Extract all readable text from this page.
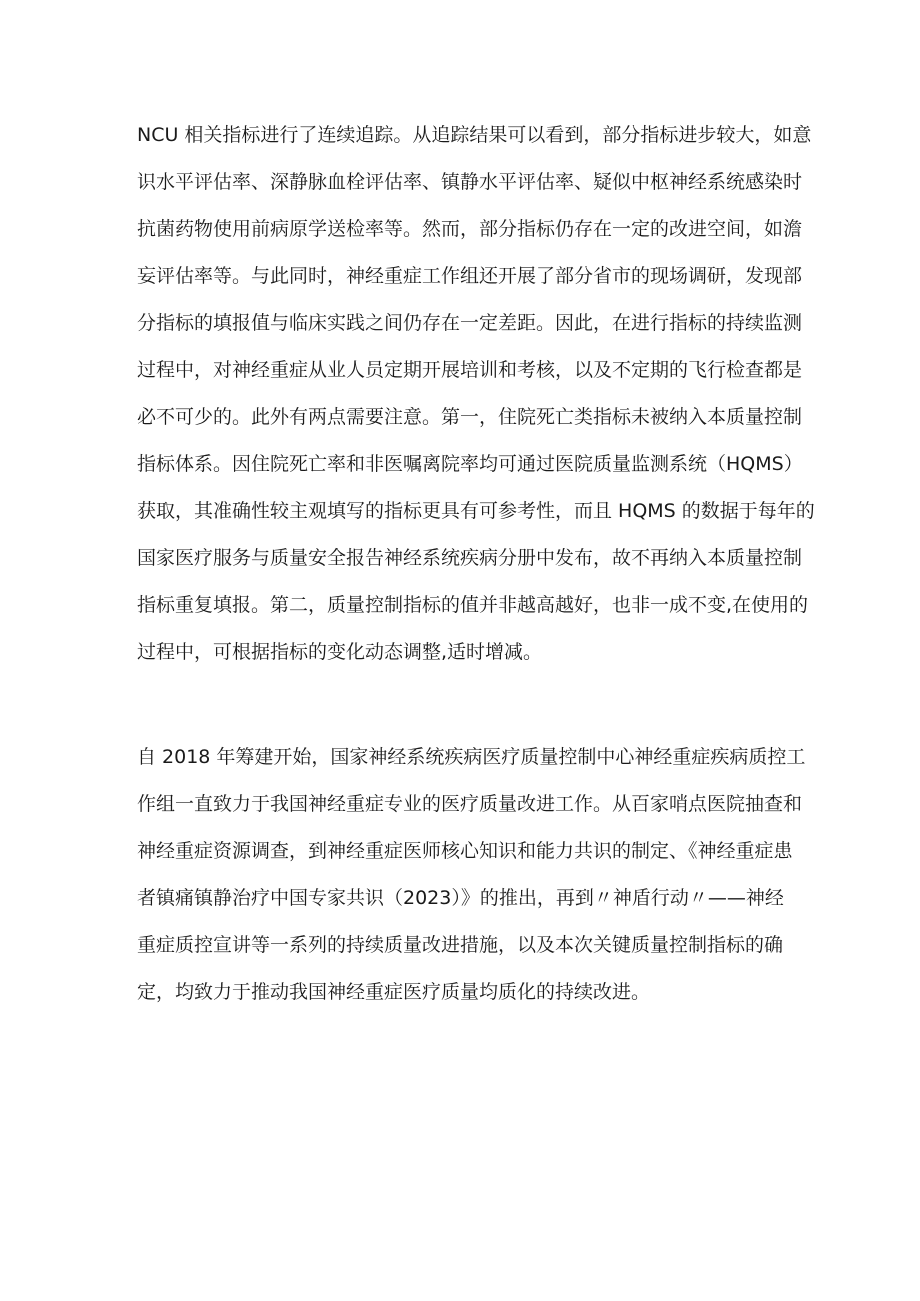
NCU 相关指标进行了连续追踪。从追踪结果可以看到，部分指标进步较大，如意
识水平评估率、深静脉血栓评估率、镇静水平评估率、疑似中枢神经系统感染时
抗菌药物使用前病原学送检率等。然而，部分指标仍存在一定的改进空间，如澹
妄评估率等。与此同时，神经重症工作组还开展了部分省市的现场调研，发现部
分指标的填报值与临床实践之间仍存在一定差距。因此，在进行指标的持续监测
过程中，对神经重症从业人员定期开展培训和考核，以及不定期的飞行检查都是
必不可少的。此外有两点需要注意。第一，住院死亡类指标未被纳入本质量控制
指标体系。因住院死亡率和非医嘱离院率均可通过医院质量监测系统（HQMS）
获取，其准确性较主观填写的指标更具有可参考性，而且 HQMS 的数据于每年的
国家医疗服务与质量安全报告神经系统疾病分册中发布，故不再纳入本质量控制
指标重复填报。第二，质量控制指标的值并非越高越好，也非一成不变,在使用的
过程中，可根据指标的变化动态调整,适时增减。
自 2018 年筹建开始，国家神经系统疾病医疗质量控制中心神经重症疾病质控工
作组一直致力于我国神经重症专业的医疗质量改进工作。从百家哨点医院抽查和
神经重症资源调查，到神经重症医师核心知识和能力共识的制定、《神经重症患
者镇痛镇静治疗中国专家共识（2023）》的推出，再到〃神盾行动〃——神经
重症质控宣讲等一系列的持续质量改进措施，以及本次关键质量控制指标的确
定，均致力于推动我国神经重症医疗质量均质化的持续改进。
